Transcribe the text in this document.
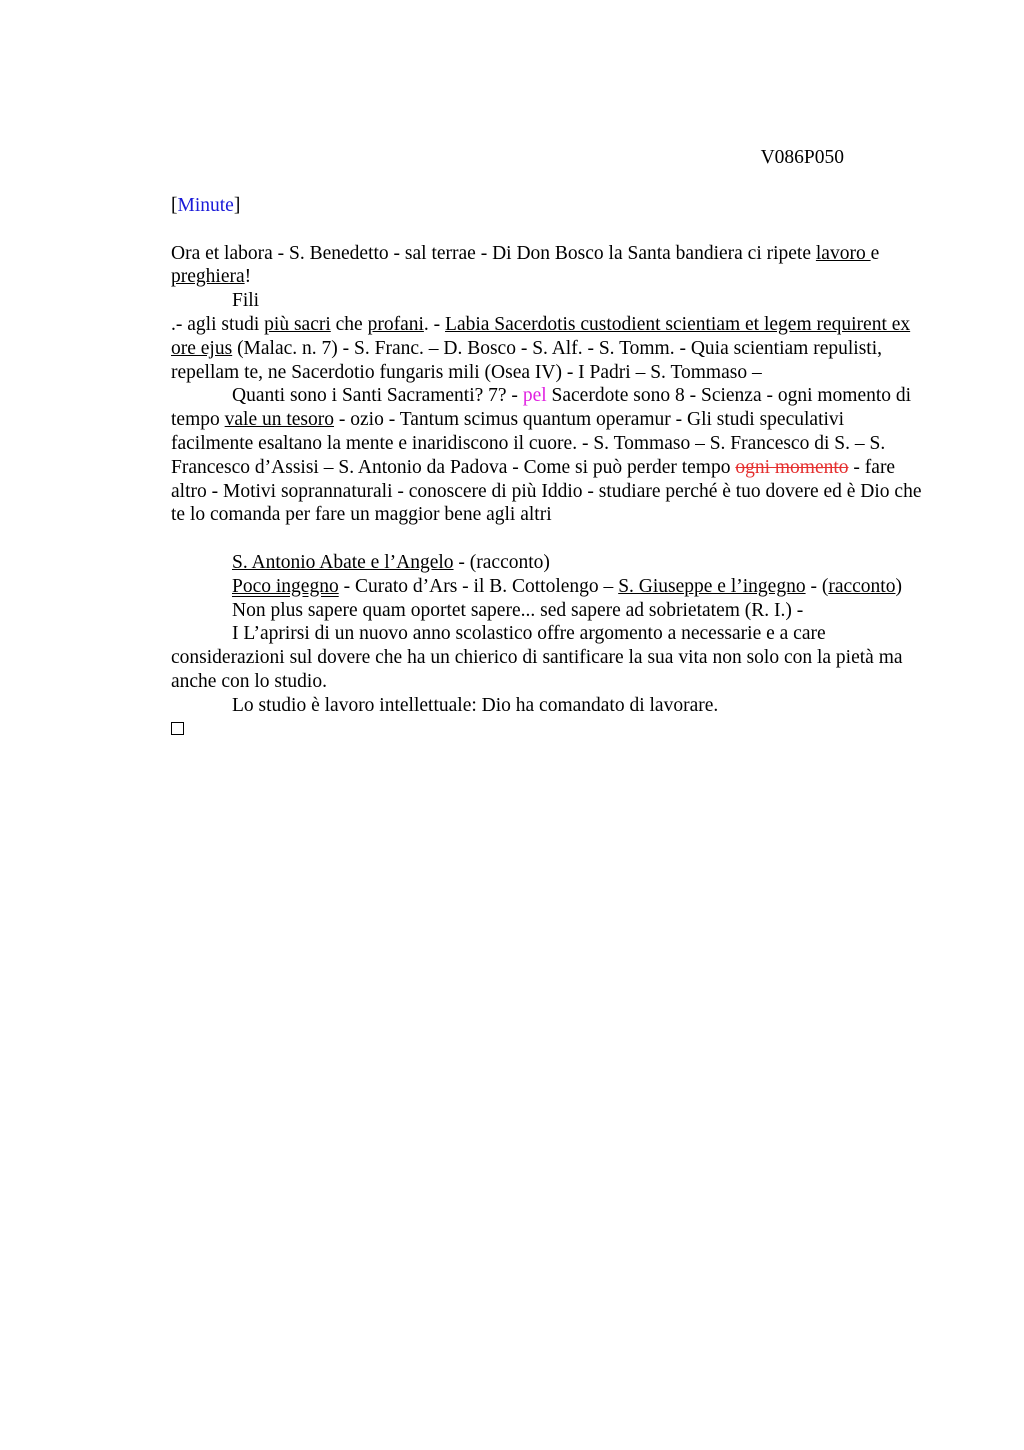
V086P050

[Minute]

Ora et labora - S. Benedetto - sal terrae - Di Don Bosco la Santa bandiera ci ripete lavoro e preghiera!

Fili

.- agli studi più sacri che profani. - Labia Sacerdotis custodient scientiam et legem requirent ex ore ejus (Malac. n. 7) - S. Franc. – D. Bosco - S. Alf. - S. Tomm. - Quia scientiam repulisti, repellam te, ne Sacerdotio fungaris mili (Osea IV) - I Padri – S. Tommaso –

Quanti sono i Santi Sacramenti? 7? - pel Sacerdote sono 8 - Scienza - ogni momento di tempo vale un tesoro - ozio - Tantum scimus quantum operamur - Gli studi speculativi facilmente esaltano la mente e inaridiscono il cuore. - S. Tommaso – S. Francesco di S. – S. Francesco d’Assisi – S. Antonio da Padova - Come si può perder tempo ogni momento - fare altro - Motivi soprannaturali - conoscere di più Iddio - studiare perché è tuo dovere ed è Dio che te lo comanda per fare un maggior bene agli altri

S. Antonio Abate e l’Angelo - (racconto)

Poco ingegno - Curato d’Ars - il B. Cottolengo – S. Giuseppe e l’ingegno - (racconto)

Non plus sapere quam oportet sapere... sed sapere ad sobrietatem (R. I.) -

I L’aprirsi di un nuovo anno scolastico offre argomento a necessarie e a care considerazioni sul dovere che ha un chierico di santificare la sua vita non solo con la pietà ma anche con lo studio.

Lo studio è lavoro intellettuale: Dio ha comandato di lavorare.
